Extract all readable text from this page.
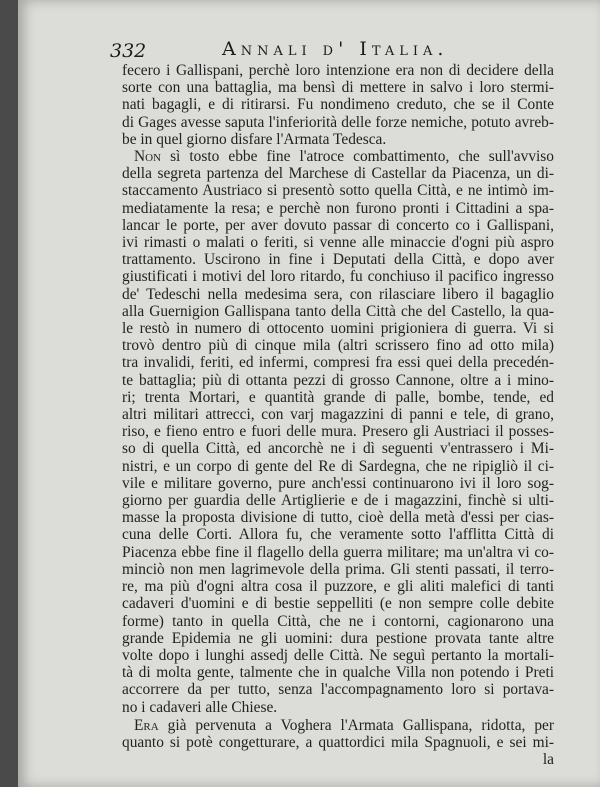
332	Annali d' Italia.
fecero i Gallispani, perchè loro intenzione era non di decidere della
sorte con una battaglia, ma bensì di mettere in salvo i loro stermi-
nati bagagli, e di ritirarsi. Fu nondimeno creduto, che se il Conte
di Gages avesse saputa l'inferiorità delle forze nemiche, potuto avreb-
be in quel giorno disfare l'Armata Tedesca.
Non sì tosto ebbe fine l'atroce combattimento, che sull'avviso
della segreta partenza del Marchese di Castellar da Piacenza, un di-
staccamento Austriaco si presentò sotto quella Città, e ne intimò im-
mediatamente la resa; e perchè non furono pronti i Cittadini a spa-
lancar le porte, per aver dovuto passar di concerto co i Gallispani,
ivi rimasti o malati o feriti, si venne alle minaccie d'ogni più aspro
trattamento. Uscirono in fine i Deputati della Città, e dopo aver
giustificati i motivi del loro ritardo, fu conchiuso il pacifico ingresso
de' Tedeschi nella medesima sera, con rilasciare libero il bagaglio
alla Guernigion Gallispana tanto della Città che del Castello, la qua-
le restò in numero di ottocento uomini prigioniera di guerra. Vi si
trovò dentro più di cinque mila (altri scrissero fino ad otto mila)
tra invalidi, feriti, ed infermi, compresi fra essi quei della precedén-
te battaglia; più di ottanta pezzi di grosso Cannone, oltre a i mino-
ri; trenta Mortari, e quantità grande di palle, bombe, tende, ed
altri militari attrecci, con varj magazzini di panni e tele, di grano,
riso, e fieno entro e fuori delle mura. Presero gli Austriaci il posses-
so di quella Città, ed ancorchè ne i dì seguenti v'entrassero i Mi-
nistri, e un corpo di gente del Re di Sardegna, che ne ripigliò il ci-
vile e militare governo, pure anch'essi continuarono ivi il loro sog-
giorno per guardia delle Artiglierie e de i magazzini, finchè si ulti-
masse la proposta divisione di tutto, cioè della metà d'essi per cias-
cuna delle Corti. Allora fu, che veramente sotto l'afflitta Città di
Piacenza ebbe fine il flagello della guerra militare; ma un'altra vi co-
minciò non men lagrimevole della prima. Gli stenti passati, il terro-
re, ma più d'ogni altra cosa il puzzore, e gli aliti malefici di tanti
cadaveri d'uomini e di bestie seppelliti (e non sempre colle debite
forme) tanto in quella Città, che ne i contorni, cagionarono una
grande Epidemia ne gli uomini: dura pestione provata tante altre
volte dopo i lunghi assedj delle Città. Ne seguì pertanto la mortali-
tà di molta gente, talmente che in qualche Villa non potendo i Preti
accorrere da per tutto, senza l'accompagnamento loro si portava-
no i cadaveri alle Chiese.
Era già pervenuta a Voghera l'Armata Gallispana, ridotta, per
quanto si potè congetturare, a quattordici mila Spagnuoli, e sei mi-
la
